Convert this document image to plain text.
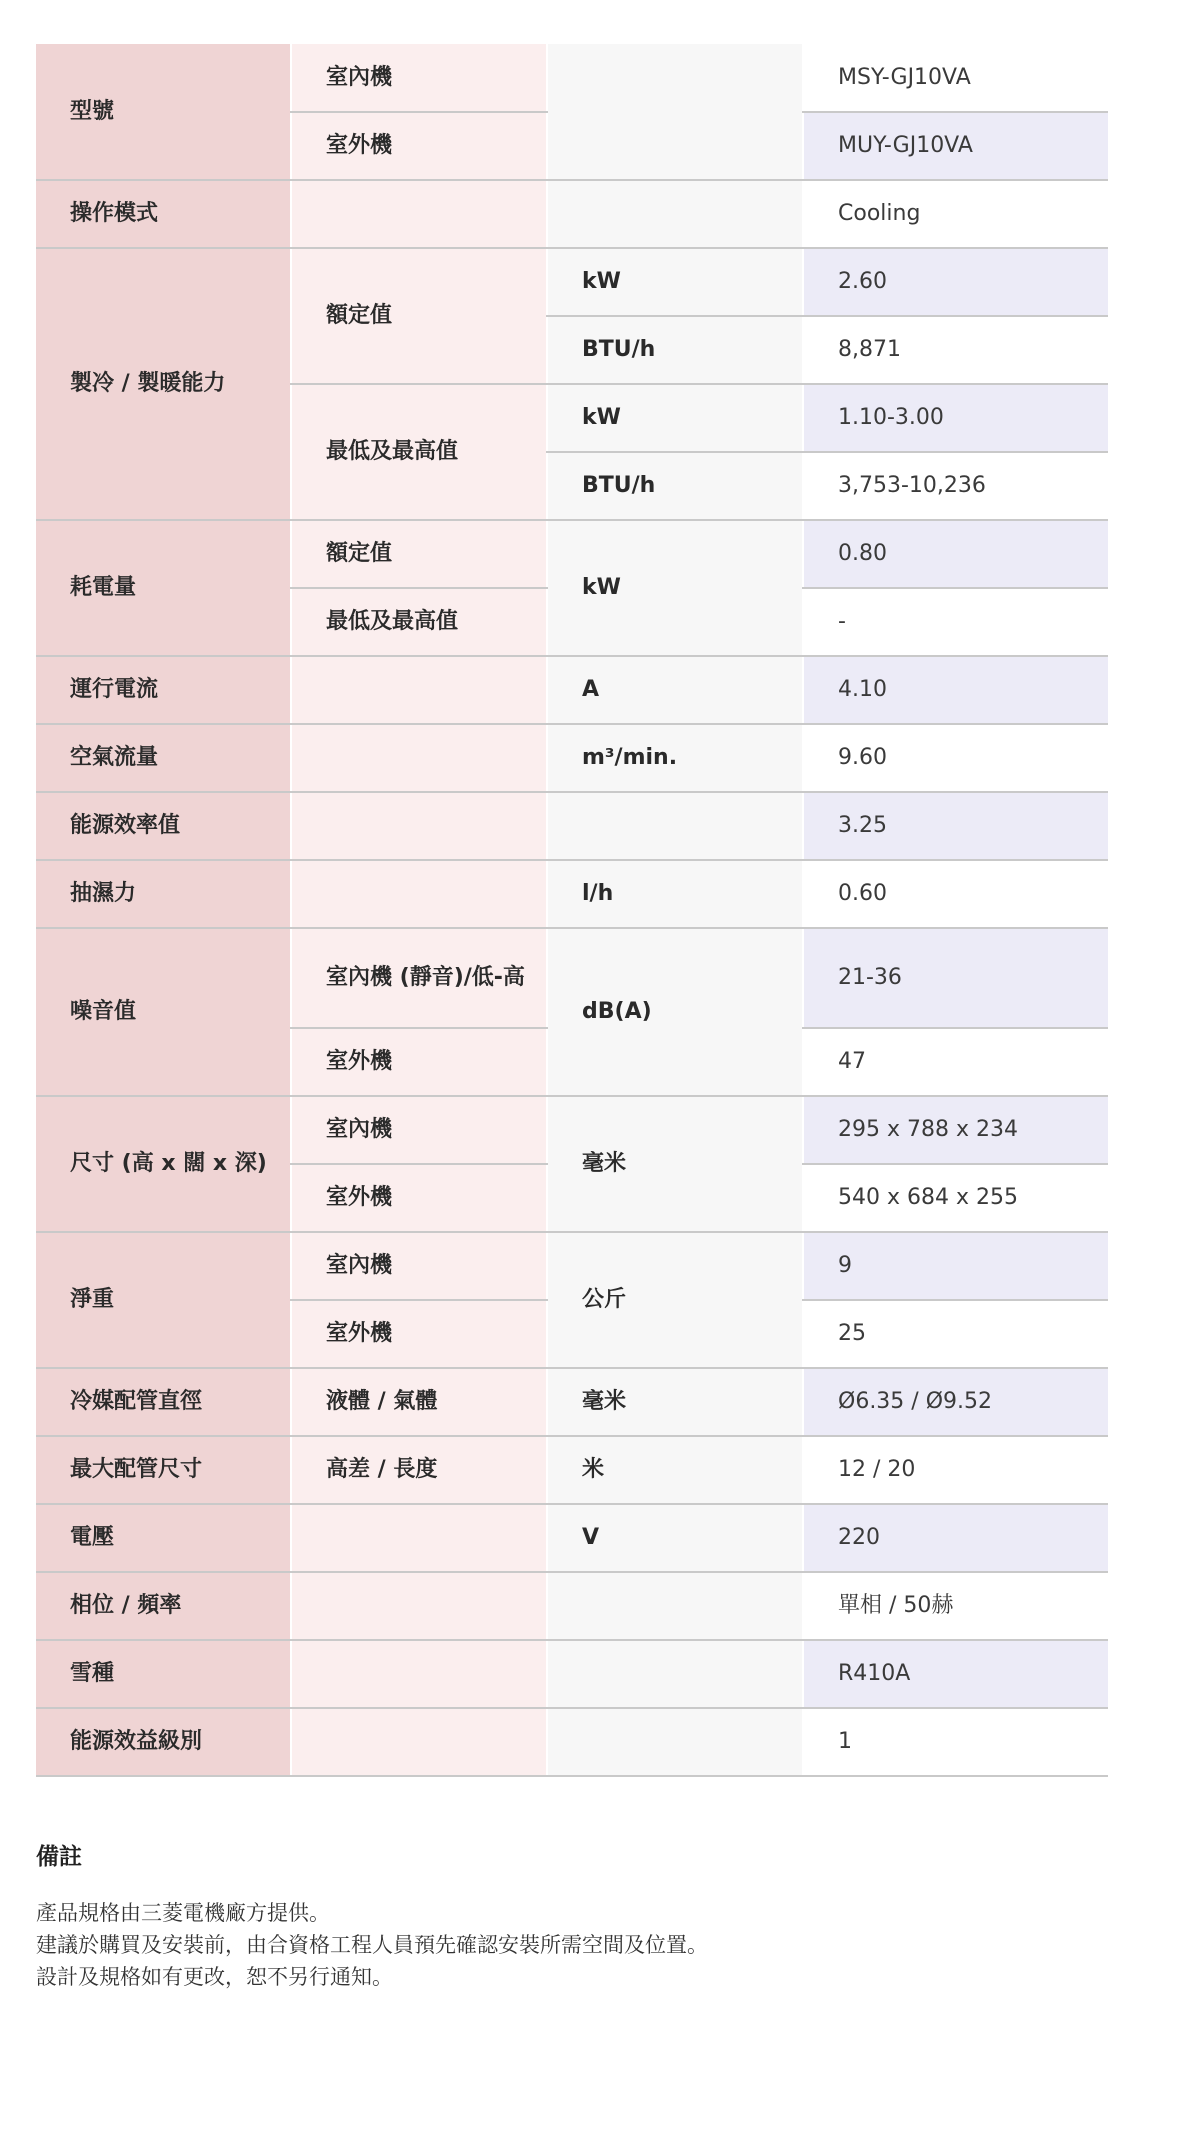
型號	室內機		MSY-GJ10VA
	室外機		MUY-GJ10VA
操作模式			Cooling
製冷 / 製暖能力	額定值	kW	2.60
		BTU/h	8,871
	最低及最高值	kW	1.10-3.00
		BTU/h	3,753-10,236
耗電量	額定值	kW	0.80
	最低及最高值		-
運行電流		A	4.10
空氣流量		m³/min.	9.60
能源效率值			3.25
抽濕力		l/h	0.60
噪音值	室內機 (靜音)/低-高	dB(A)	21-36
	室外機		47
尺寸 (高 x 闊 x 深)	室內機	毫米	295 x 788 x 234
	室外機		540 x 684 x 255
淨重	室內機	公斤	9
	室外機		25
冷媒配管直徑	液體 / 氣體	毫米	Ø6.35 / Ø9.52
最大配管尺寸	高差 / 長度	米	12 / 20
電壓		V	220
相位 / 頻率			單相 / 50赫
雪種			R410A
能源效益級別			1
備註

產品規格由三菱電機廠方提供。

建議於購買及安裝前，由合資格工程人員預先確認安裝所需空間及位置。

設計及規格如有更改，恕不另行通知。
